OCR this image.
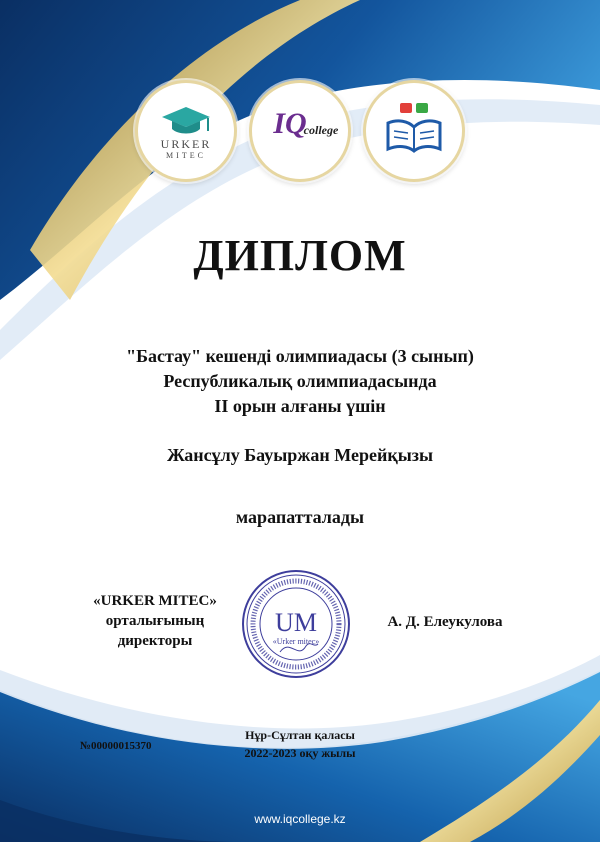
URKER
MITEC
IQ
college
ДИПЛОМ
"Бастау" кешенді олимпиадасы (3 сынып)
Республикалық олимпиадасында
II орын алғаны үшін
Жансұлу Бауыржан Мерейқызы
марапатталады
«URKER MITEC»
орталығының
директоры
UM
«Urker mitec»
А. Д. Елеукулова
№00000015370
Нұр-Сұлтан қаласы
2022-2023 оқу жылы
www.iqcollege.kz
